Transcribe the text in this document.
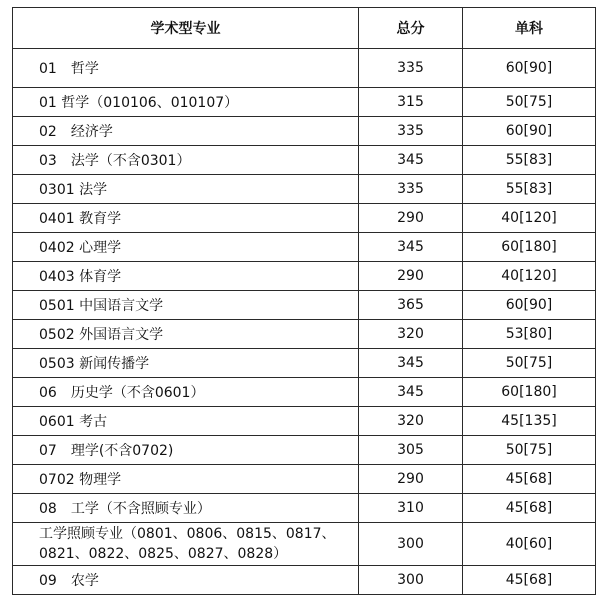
学术型专业	总分	单科
01　哲学	335	60[90]
01 哲学（010106、010107）	315	50[75]
02　经济学	335	60[90]
03　法学（不含0301）	345	55[83]
0301 法学	335	55[83]
0401 教育学	290	40[120]
0402 心理学	345	60[180]
0403 体育学	290	40[120]
0501 中国语言文学	365	60[90]
0502 外国语言文学	320	53[80]
0503 新闻传播学	345	50[75]
06　历史学（不含0601）	345	60[180]
0601 考古	320	45[135]
07　理学(不含0702)	305	50[75]
0702 物理学	290	45[68]
08　工学（不含照顾专业）	310	45[68]
工学照顾专业（0801、0806、0815、0817、0821、0822、0825、0827、0828）	300	40[60]
09　农学	300	45[68]
